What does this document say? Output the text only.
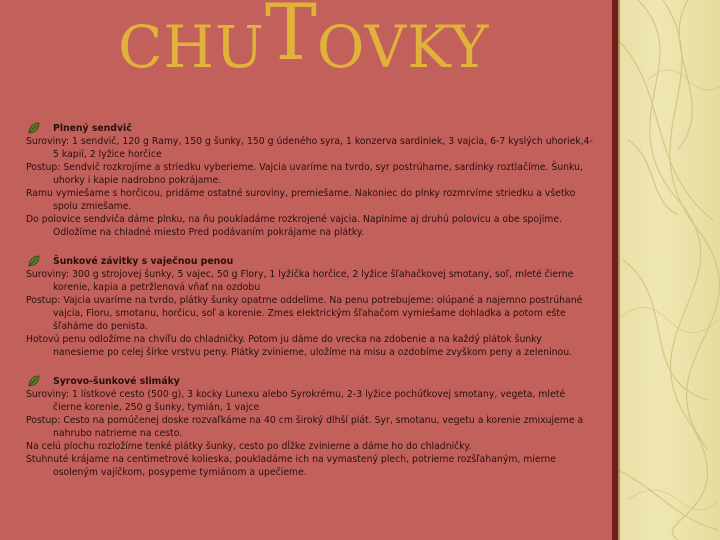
CHUTOVKY
Plnený sendvič
Suroviny: 1 sendvič, 120 g Ramy, 150 g šunky, 150 g údeného syra, 1 konzerva sardiniek, 3 vajcia, 6-7 kyslých uhoriek,4-5 kapií, 2 lyžice horčice
Postup: Sendvič rozkrojíme a striedku vyberieme. Vajcia uvaríme na tvrdo, syr postrúhame, sardinky roztlačíme. Šunku, uhorky i kapie nadrobno pokrájame.
Ramu vymiešame s horčicou, pridáme ostatné suroviny, premiešame. Nakoniec do plnky rozmrvíme striedku a všetko spolu zmiešame.
Do polovice sendviča dáme plnku, na ňu poukladáme rozkrojené vajcia. Naplníme aj druhú polovicu a obe spojíme. Odložíme na chladné miesto Pred podávaním pokrájame na plátky.
Šunkové závitky s vaječnou penou
Suroviny: 300 g strojovej šunky, 5 vajec, 50 g Flory, 1 lyžička horčice, 2 lyžice šľahačkovej smotany, soľ, mleté čierne korenie, kapia a petržlenová vňať na ozdobu
Postup: Vajcia uvaríme na tvrdo, plátky šunky opatrne oddelíme. Na penu potrebujeme: olúpané a najemno postrúhané vajcia, Floru, smotanu, horčicu, soľ a korenie. Zmes elektrickým šľahačom vymiešame dohladka a potom ešte šľaháme do penista.
Hotovú penu odložíme na chvíľu do chladničky. Potom ju dáme do vrecka na zdobenie a na každý plátok šunky nanesieme po celej šírke vrstvu peny. Plátky zvinieme, uložíme na misu a ozdobíme zvyškom peny a zeleninou.
Syrovo-šunkové slimáky
Suroviny: 1 lístkové cesto (500 g), 3 kocky Lunexu alebo Syrokrému, 2-3 lyžice pochúťkovej smotany, vegeta, mleté čierne korenie, 250 g šunky, tymián, 1 vajce
Postup: Cesto na pomúčenej doske rozvaľkáme na 40 cm široký dlhší plát. Syr, smotanu, vegetu a korenie zmixujeme a nahrubo natrieme na cesto.
Na celú plochu rozložíme tenké plátky šunky, cesto po dĺžke zvinieme a dáme ho do chladničky.
Stuhnuté krájame na centimetrové kolieska, poukladáme ich na vymastený plech, potrieme rozšľahaným, mierne osoleným vajíčkom, posypeme tymiánom a upečieme.
